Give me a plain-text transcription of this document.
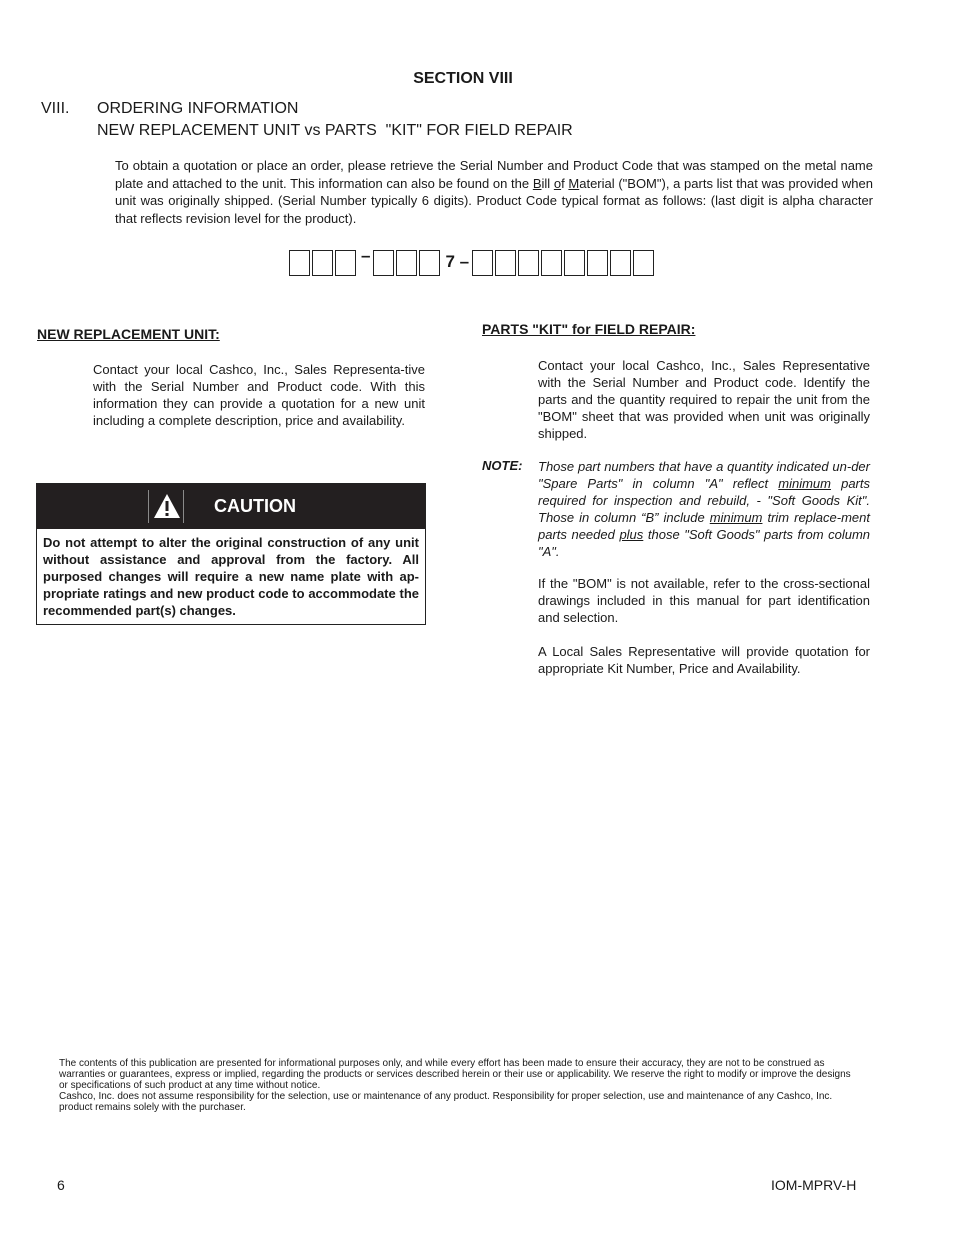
SECTION VIII
VIII. ORDERING INFORMATION
NEW REPLACEMENT UNIT vs PARTS  "KIT" FOR FIELD REPAIR
To obtain a quotation or place an order, please retrieve the Serial Number and Product Code that was stamped on the metal name plate and attached to the unit. This information can also be found on the Bill of Material ("BOM"), a parts list that was provided when unit was originally shipped. (Serial Number typically 6 digits). Product Code typical format as follows: (last digit is alpha character that reflects revision level for the product).
–	7 –
NEW REPLACEMENT UNIT:
Contact your local Cashco, Inc., Sales Representa-tive with the Serial Number and Product code. With this information they can provide a quotation for a new unit including a complete description, price and availability.
CAUTION
Do not attempt to alter the original construction of any unit without assistance and approval from the factory. All purposed changes will require a new name plate with ap-propriate ratings and new product code to accommodate the recommended part(s) changes.
PARTS "KIT" for FIELD REPAIR:
Contact your local Cashco, Inc., Sales Representative with the Serial Number and Product code. Identify the parts and the quantity required to repair the unit from the "BOM" sheet that was provided when unit was originally shipped.
NOTE: Those part numbers that have a quantity indicated un-der "Spare Parts" in column "A" reflect minimum parts required for inspection and rebuild, - "Soft Goods Kit". Those in column “B” include minimum trim replace-ment parts needed plus those "Soft Goods" parts from column "A".
If the "BOM" is not available, refer to the cross-sectional drawings included in this manual for part identification and selection.
A Local Sales Representative will provide quotation for appropriate Kit Number, Price and Availability.
The contents of this publication are presented for informational purposes only, and while every effort has been made to ensure their accuracy, they are not to be construed as warranties or guarantees, express or implied, regarding the products or services described herein or their use or applicability. We reserve the right to modify or improve the designs or specifications of such product at any time without notice.
Cashco, Inc. does not assume responsibility for the selection, use or maintenance of any product. Responsibility for proper selection, use and maintenance of any Cashco, Inc. product remains solely with the purchaser.
6	IOM-MPRV-H
